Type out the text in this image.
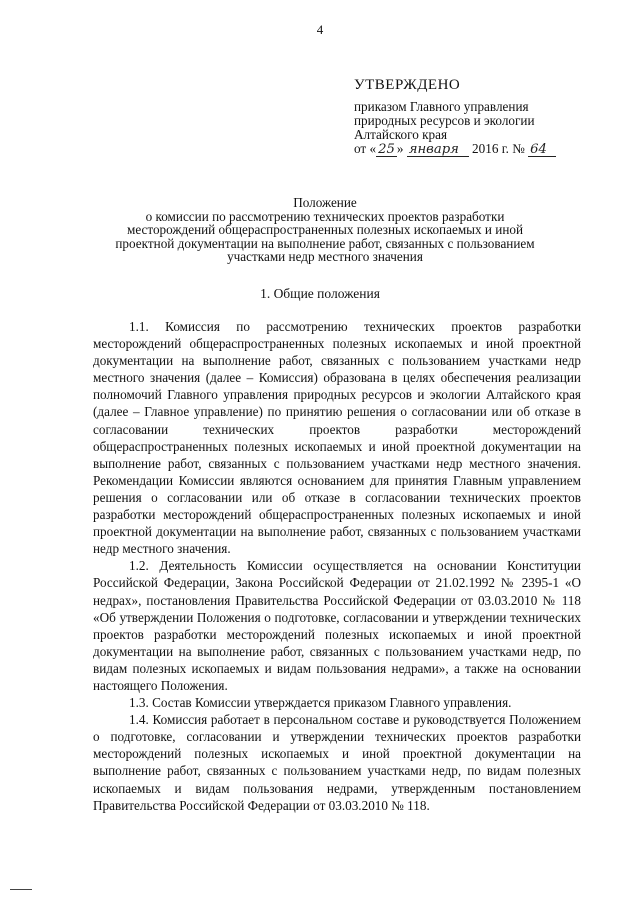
4
УТВЕРЖДЕНО
приказом Главного управления
природных ресурсов и экологии
Алтайского края
от « 25 » января 2016 г. № 64
Положение
о комиссии по рассмотрению технических проектов разработки
месторождений общераспространенных полезных ископаемых и иной
проектной документации на выполнение работ, связанных с пользованием
участками недр местного значения
1. Общие положения

1.1. Комиссия по рассмотрению технических проектов разработки месторождений общераспространенных полезных ископаемых и иной проектной документации на выполнение работ, связанных с пользованием участками недр местного значения (далее – Комиссия) образована в целях обеспечения реализации полномочий Главного управления природных ресурсов и экологии Алтайского края (далее – Главное управление) по принятию решения о согласовании или об отказе в согласовании технических проектов разработки месторождений общераспространенных полезных ископаемых и иной проектной документации на выполнение работ, связанных с пользованием участками недр местного значения. Рекомендации Комиссии являются основанием для принятия Главным управлением решения о согласовании или об отказе в согласовании технических проектов разработки месторождений общераспространенных полезных ископаемых и иной проектной документации на выполнение работ, связанных с пользованием участками недр местного значения.

1.2. Деятельность Комиссии осуществляется на основании Конституции Российской Федерации, Закона Российской Федерации от 21.02.1992 № 2395-1 «О недрах», постановления Правительства Российской Федерации от 03.03.2010 № 118 «Об утверждении Положения о подготовке, согласовании и утверждении технических проектов разработки месторождений полезных ископаемых и иной проектной документации на выполнение работ, связанных с пользованием участками недр, по видам полезных ископаемых и видам пользования недрами», а также на основании настоящего Положения.

1.3. Состав Комиссии утверждается приказом Главного управления.

1.4. Комиссия работает в персональном составе и руководствуется Положением о подготовке, согласовании и утверждении технических проектов разработки месторождений полезных ископаемых и иной проектной документации на выполнение работ, связанных с пользованием участками недр, по видам полезных ископаемых и видам пользования недрами, утвержденным постановлением Правительства Российской Федерации от 03.03.2010 № 118.
